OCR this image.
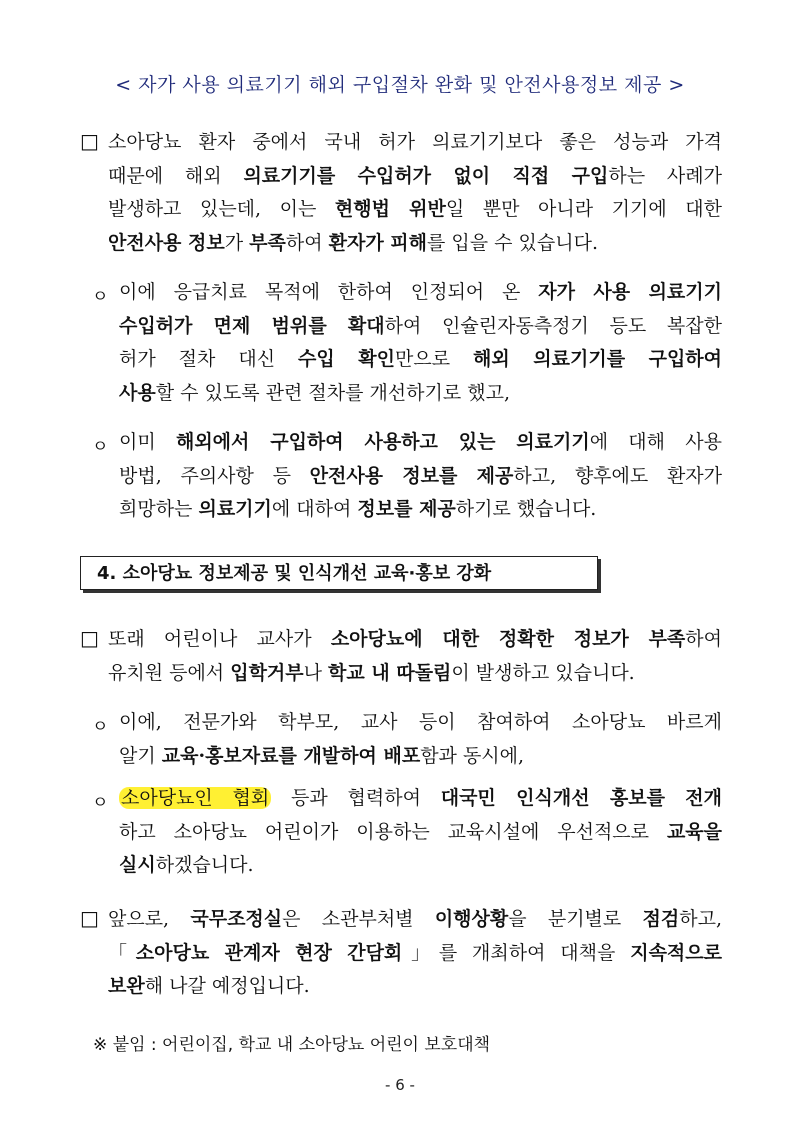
< 자가 사용 의료기기 해외 구입절차 완화 및 안전사용정보 제공 >
□ 소아당뇨 환자 중에서 국내 허가 의료기기보다 좋은 성능과 가격
때문에 해외 의료기기를 수입허가 없이 직접 구입하는 사례가
발생하고 있는데, 이는 현행법 위반일 뿐만 아니라 기기에 대한
안전사용 정보가 부족하여 환자가 피해를 입을 수 있습니다.
ㅇ 이에 응급치료 목적에 한하여 인정되어 온 자가 사용 의료기기
수입허가 면제 범위를 확대하여 인슐린자동측정기 등도 복잡한
허가 절차 대신 수입 확인만으로 해외 의료기기를 구입하여
사용할 수 있도록 관련 절차를 개선하기로 했고,
ㅇ 이미 해외에서 구입하여 사용하고 있는 의료기기에 대해 사용
방법, 주의사항 등 안전사용 정보를 제공하고, 향후에도 환자가
희망하는 의료기기에 대하여 정보를 제공하기로 했습니다.
4. 소아당뇨 정보제공 및 인식개선 교육·홍보 강화
□ 또래 어린이나 교사가 소아당뇨에 대한 정확한 정보가 부족하여
유치원 등에서 입학거부나 학교 내 따돌림이 발생하고 있습니다.
ㅇ 이에, 전문가와 학부모, 교사 등이 참여하여 소아당뇨 바르게
알기 교육·홍보자료를 개발하여 배포함과 동시에,
ㅇ 소아당뇨인 협회 등과 협력하여 대국민 인식개선 홍보를 전개
하고 소아당뇨 어린이가 이용하는 교육시설에 우선적으로 교육을
실시하겠습니다.
□ 앞으로, 국무조정실은 소관부처별 이행상황을 분기별로 점검하고,
「소아당뇨 관계자 현장 간담회」를 개최하여 대책을 지속적으로
보완해 나갈 예정입니다.
※ 붙임 : 어린이집, 학교 내 소아당뇨 어린이 보호대책
- 6 -
